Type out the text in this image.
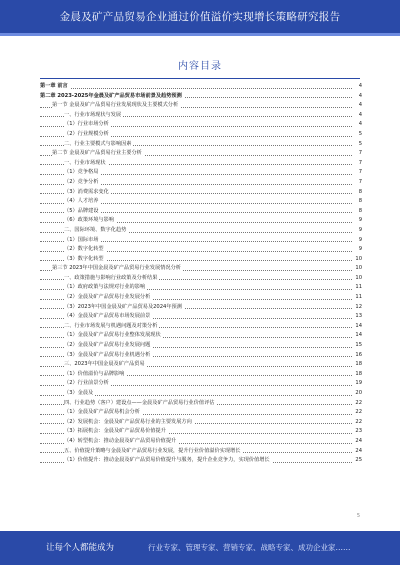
金晨及矿产品贸易企业通过价值溢价实现增长策略研究报告
内容目录
第一章 前言	4
第二章 2023-2025年金晨及矿产品贸易市场前景及趋势预测	4
第一节 金晨及矿产品贸易行业发展现状及主要模式分析	4
一、行业市场现状与发展	4
（1）行业市场分析	4
（2）行业规模分析	5
二、行业主要模式与影响因素	5
第二节 金晨及矿产品贸易行业主要分析	7
一、行业市场现状	7
（1）竞争格局	7
（2）竞争分析	7
（3）消费需求变化	8
（4）人才培养	8
（5）品牌建设	8
（6）政策环境与影响	9
二、国际环境、数字化趋势	9
（1）国际市场	9
（2）数字化转型	9
（3）数字化转型	10
第三节 2023年中国金晨及矿产品贸易行业发展情况分析	10
一、政策措施与影响行业政策及分析结果	10
（1）政府政策与法规对行业的影响	11
（2）金晨及矿产品贸易行业发展分析	11
（3）2023年中国金晨及矿产品贸易及2024年预测	12
（4）金晨及矿产品贸易市场发展前景	13
二、行业市场发展与机遇问题及对策分析	14
（1）金晨及矿产品贸易行业整体发展现状	14
（2）金晨及矿产品贸易行业发展问题	15
（3）金晨及矿产品贸易行业机遇分析	16
三、2023年中国金晨及矿产品贸易	18
（1）价值溢价与品牌影响	18
（2）行业前景分析	19
（3）金晨及	20
四、行业趋势（客户）建设点——金晨及矿产品贸易行业价值评估	22
（1）金晨及矿产品贸易机会分析	22
（2）发展机会：金晨及矿产品贸易行业的主要发展方向	22
（3）拓展机会：金晨及矿产品贸易价值提升	23
（4）转型机会：推动金晨及矿产品贸易价值提升	24
五、价值提升策略与金晨及矿产品贸易行业发展，提升行业价值溢价实现增长	24
（1）价值提升：推动金晨及矿产品贸易价值提升与服务，提升企业竞争力，实现价值增长	25
5
让每个人都能成为	行业专家、管理专家、营销专家、战略专家、成功企业家……
